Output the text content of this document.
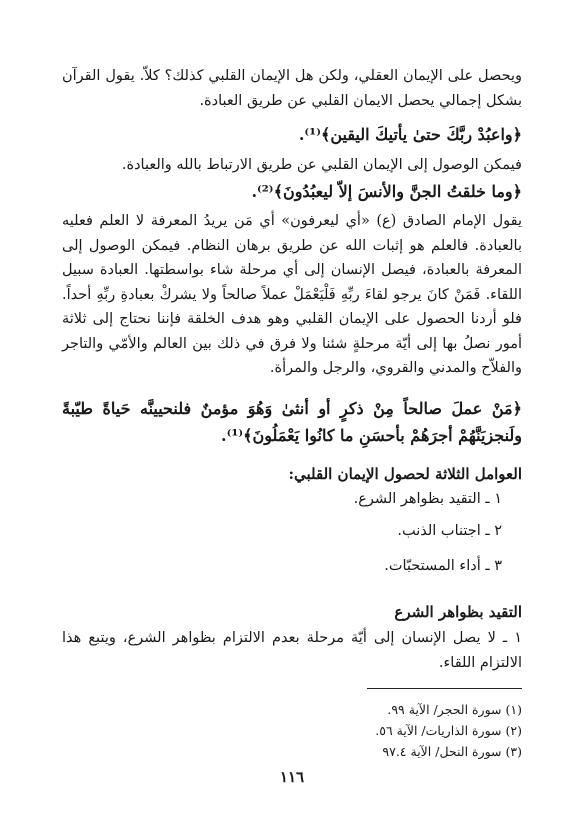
ويحصل على الإيمان العقلي، ولكن هل الإيمان القلبي كذلك؟ كلاّ. يقول القرآن بشكل إجمالي يحصل الايمان القلبي عن طريق العبادة.

﴿واعبُدْ ربَّكَ حتىٰ يأتيكَ اليقين﴾⁽¹⁾.

فيمكن الوصول إلى الإيمان القلبي عن طريق الارتباط بالله والعبادة.

﴿وما خلقتُ الجنَّ والأنسَ إلاّ ليعبُدُونَ﴾⁽²⁾.

يقول الإمام الصادق (ع) «أي ليعرفون» أي مَن يريدُ المعرفة لا العلم فعليه بالعبادة. فالعلم هو إثبات الله عن طريق برهان النظام. فيمكن الوصول إلى المعرفة بالعبادة، فيصل الإنسان إلى أي مرحلة شاء بواسطتها. العبادة سبيل اللقاء. فَمَنْ كانَ يرجو لقاءَ ربِّهِ فَلْيَعْمَلْ عملاً صالحاً ولا يشركْ بعبادةِ ربِّهِ أحداً. فلو أردنا الحصول على الإيمان القلبي وهو هدف الخلقة فإننا نحتاج إلى ثلاثة أمور نصلُ بها إلى أيّة مرحلةٍ شئنا ولا فرق في ذلك بين العالم والأمّي والتاجر والفلاّح والمدني والقروي، والرجل والمرأة.

﴿مَنْ عملَ صالحاً مِنْ ذكرٍ أو أنثىٰ وَهُوَ مؤمنٌ فلنحيينَّه حَياةً طيّبةً ولَنجزيَنَّهُمْ أجرَهُمْ بأحسَنِ ما كانُوا يَعْمَلُونَ﴾⁽¹⁾.

العوامل الثلاثة لحصول الإيمان القلبي:

١ ـ التقيد بظواهر الشرع.

٢ ـ اجتناب الذنب.

٣ ـ أداء المستحبّات.

التقيد بظواهر الشرع

١ ـ لا يصل الإنسان إلى أيّة مرحلة بعدم الالتزام بظواهر الشرع، ويتبع هذا الالتزام اللقاء.

(١) سورة الحجر/ الآية ٩٩.

(٢) سورة الذاريات/ الآية ٥٦.

(٣) سورة النحل/ الآية ٩٧.٤

١١٦
